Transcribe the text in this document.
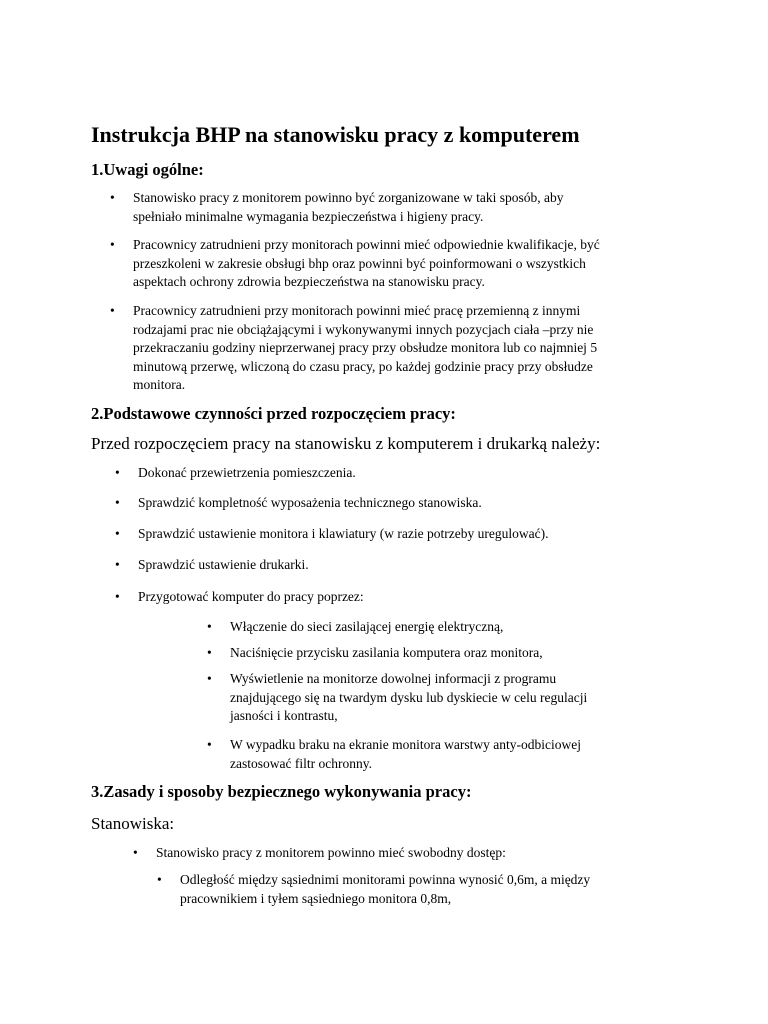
Instrukcja BHP na stanowisku pracy z komputerem
1.Uwagi ogólne:
• Stanowisko pracy z monitorem powinno być zorganizowane w taki sposób, aby
spełniało minimalne wymagania bezpieczeństwa i higieny pracy.
• Pracownicy zatrudnieni przy monitorach powinni mieć odpowiednie kwalifikacje, być
przeszkoleni w zakresie obsługi bhp oraz powinni być poinformowani o wszystkich
aspektach ochrony zdrowia bezpieczeństwa na stanowisku pracy.
• Pracownicy zatrudnieni przy monitorach powinni mieć pracę przemienną z innymi
rodzajami prac nie obciążającymi i wykonywanymi innych pozycjach ciała –przy nie
przekraczaniu godziny nieprzerwanej pracy przy obsłudze monitora lub co najmniej 5
minutową przerwę, wliczoną do czasu pracy, po każdej godzinie pracy przy obsłudze
monitora.
2.Podstawowe czynności przed rozpoczęciem pracy:
Przed rozpoczęciem pracy na stanowisku z komputerem i drukarką należy:
• Dokonać przewietrzenia pomieszczenia.
• Sprawdzić kompletność wyposażenia technicznego stanowiska.
• Sprawdzić ustawienie monitora i klawiatury (w razie potrzeby uregulować).
• Sprawdzić ustawienie drukarki.
• Przygotować komputer do pracy poprzez:
• Włączenie do sieci zasilającej energię elektryczną,
• Naciśnięcie przycisku zasilania komputera oraz monitora,
• Wyświetlenie na monitorze dowolnej informacji z programu
znajdującego się na twardym dysku lub dyskiecie w celu regulacji
jasności i kontrastu,
• W wypadku braku na ekranie monitora warstwy anty-odbiciowej
zastosować filtr ochronny.
3.Zasady i sposoby bezpiecznego wykonywania pracy:
Stanowiska:
• Stanowisko pracy z monitorem powinno mieć swobodny dostęp:
• Odległość między sąsiednimi monitorami powinna wynosić 0,6m, a między
pracownikiem i tyłem sąsiedniego monitora 0,8m,
